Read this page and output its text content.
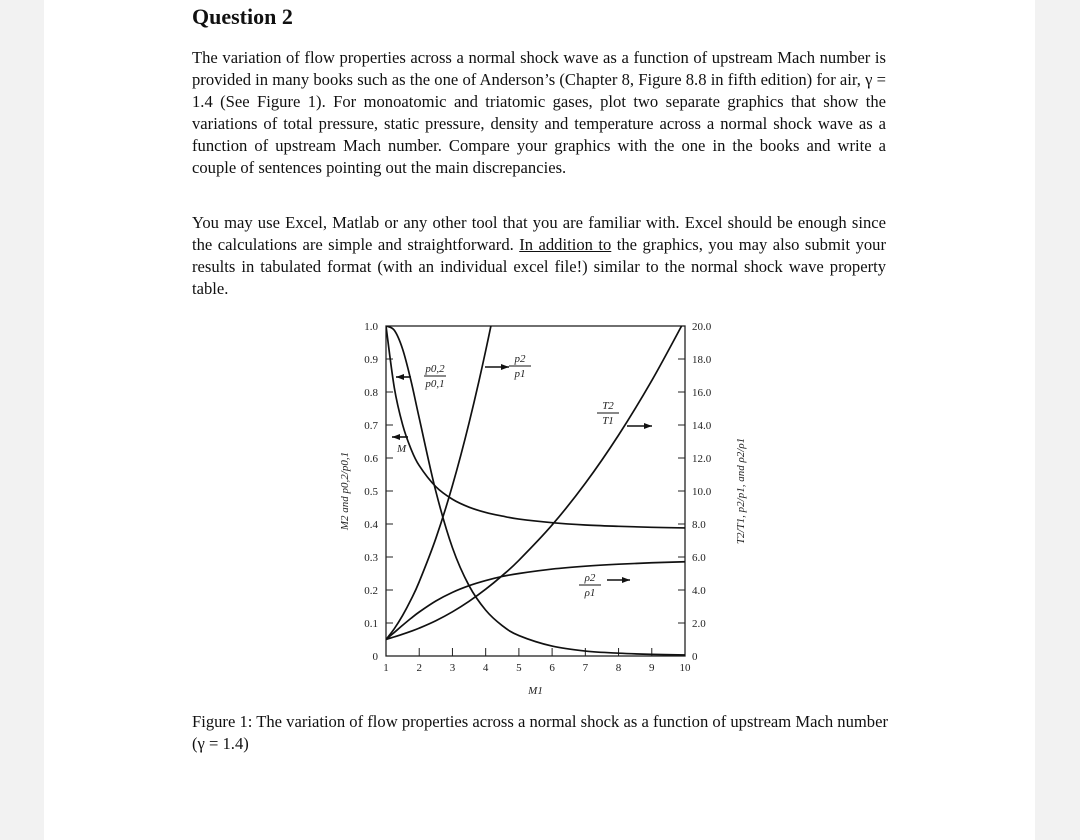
Question 2
The variation of flow properties across a normal shock wave as a function of upstream Mach number is provided in many books such as the one of Anderson’s (Chapter 8, Figure 8.8 in fifth edition) for air, γ = 1.4 (See Figure 1). For monoatomic and triatomic gases, plot two separate graphics that show the variations of total pressure, static pressure, density and temperature across a normal shock wave as a function of upstream Mach number. Compare your graphics with the one in the books and write a couple of sentences pointing out the main discrepancies.
You may use Excel, Matlab or any other tool that you are familiar with. Excel should be enough since the calculations are simple and straightforward. In addition to the graphics, you may also submit your results in tabulated format (with an individual excel file!) similar to the normal shock wave property table.
Figure 1: The variation of flow properties across a normal shock as a function of upstream Mach number (γ = 1.4)
0
0.1
0.2
0.3
0.4
0.5
0.6
0.7
0.8
0.9
1.0
0
2.0
4.0
6.0
8.0
10.0
12.0
14.0
16.0
18.0
20.0
1	2	3	4	5	6	7	8	9 10
M1
M2 and p0,2/p0,1	T2/T1, p2/p1, and ρ2/ρ1
M
p0,2
p0,1
p2
p1
T2
T1
ρ2
ρ1
